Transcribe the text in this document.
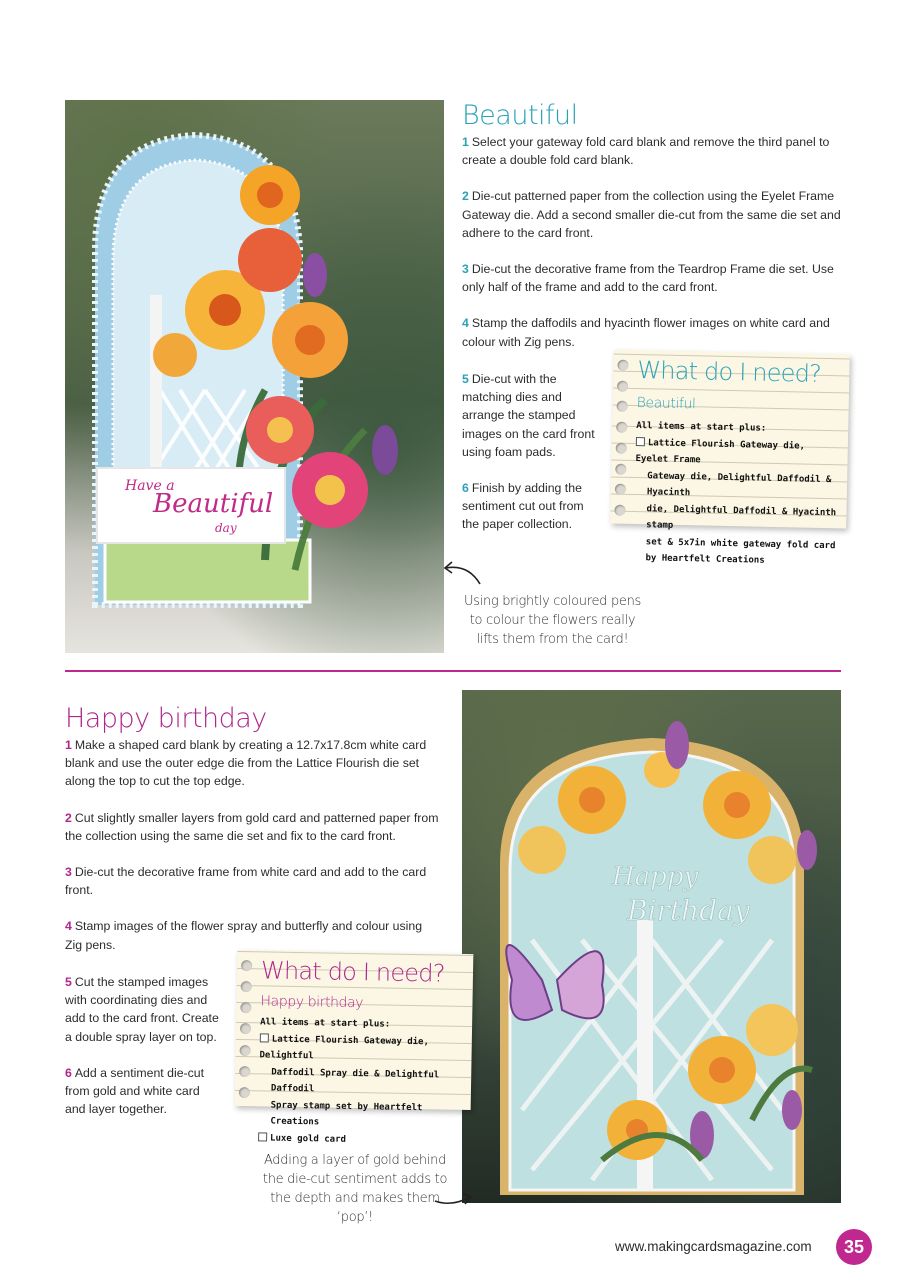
Have a
Beautiful
day
Beautiful

1 Select your gateway fold card blank and remove the third panel to create a double fold card blank.

2 Die-cut patterned paper from the collection using the Eyelet Frame Gateway die. Add a second smaller die-cut from the same die set and adhere to the card front.

3 Die-cut the decorative frame from the Teardrop Frame die set. Use only half of the frame and add to the card front.

4 Stamp the daffodils and hyacinth flower images on white card and colour with Zig pens.

5 Die-cut with the matching dies and arrange the stamped images on the card front using foam pads.

6 Finish by adding the sentiment cut out from the paper collection.

What do I need?
Beautiful
All items at start plus:
Lattice Flourish Gateway die, Eyelet Frame
Gateway die, Delightful Daffodil & Hyacinth
die, Delightful Daffodil & Hyacinth stamp
set & 5x7in white gateway fold card
by Heartfelt Creations
Using brightly coloured pens to colour the flowers really lifts them from the card!
Happy birthday

1 Make a shaped card blank by creating a 12.7x17.8cm white card blank and use the outer edge die from the Lattice Flourish die set along the top to cut the top edge.

2 Cut slightly smaller layers from gold card and patterned paper from the collection using the same die set and fix to the card front.

3 Die-cut the decorative frame from white card and add to the card front.

4 Stamp images of the flower spray and butterfly and colour using Zig pens.

5 Cut the stamped images with coordinating dies and add to the card front. Create a double spray layer on top.

6 Add a sentiment die-cut from gold and white card and layer together.

Happy
Birthday
What do I need?
Happy birthday
All items at start plus:
Lattice Flourish Gateway die, Delightful
Daffodil Spray die & Delightful Daffodil
Spray stamp set by Heartfelt Creations
Luxe gold card
Adding a layer of gold behind the die-cut sentiment adds to the depth and makes them ‘pop’!
www.makingcardsmagazine.com	35
